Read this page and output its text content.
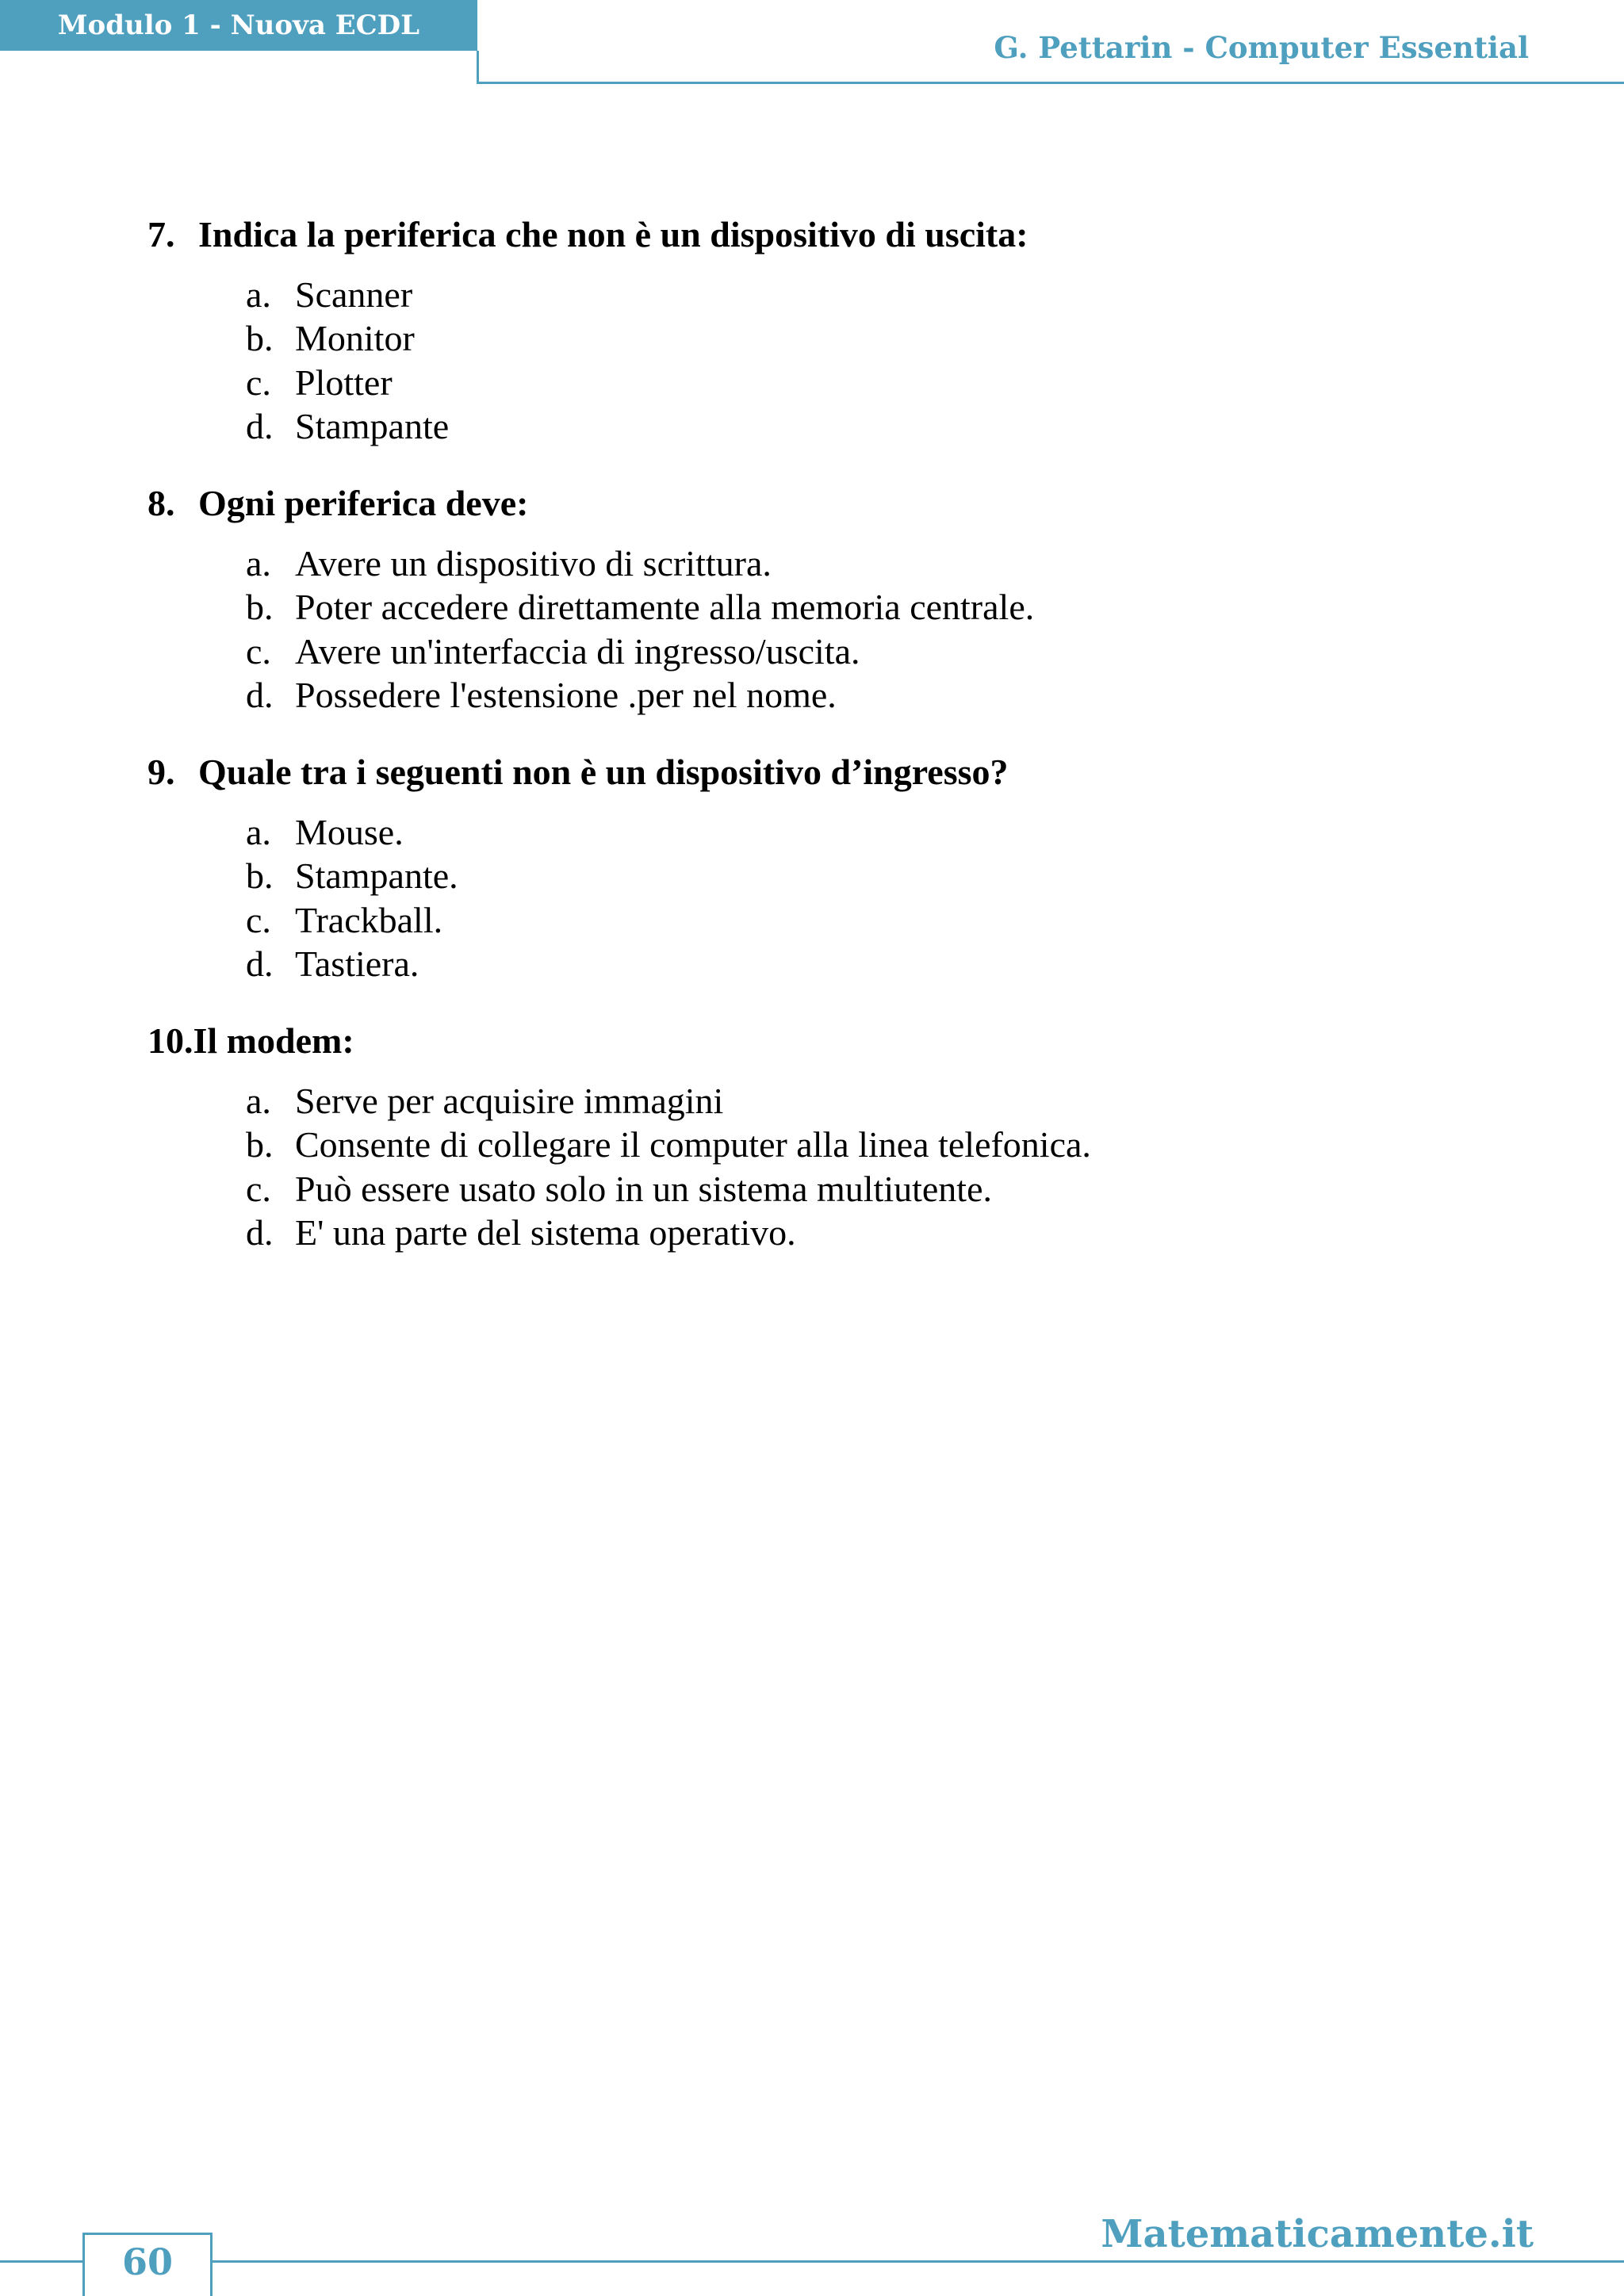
Modulo 1 - Nuova ECDL
G. Pettarin - Computer Essential
7. Indica la periferica che non è un dispositivo di uscita:
a. Scanner
b. Monitor
c. Plotter
d. Stampante
8. Ogni periferica deve:
a. Avere un dispositivo di scrittura.
b. Poter accedere direttamente alla memoria centrale.
c. Avere un'interfaccia di ingresso/uscita.
d. Possedere l'estensione .per nel nome.
9. Quale tra i seguenti non è un dispositivo d’ingresso?
a. Mouse.
b. Stampante.
c. Trackball.
d. Tastiera.
10.Il modem:
a. Serve per acquisire immagini
b. Consente di collegare il computer alla linea telefonica.
c. Può essere usato solo in un sistema multiutente.
d. E' una parte del sistema operativo.
60
Matematicamente.it
